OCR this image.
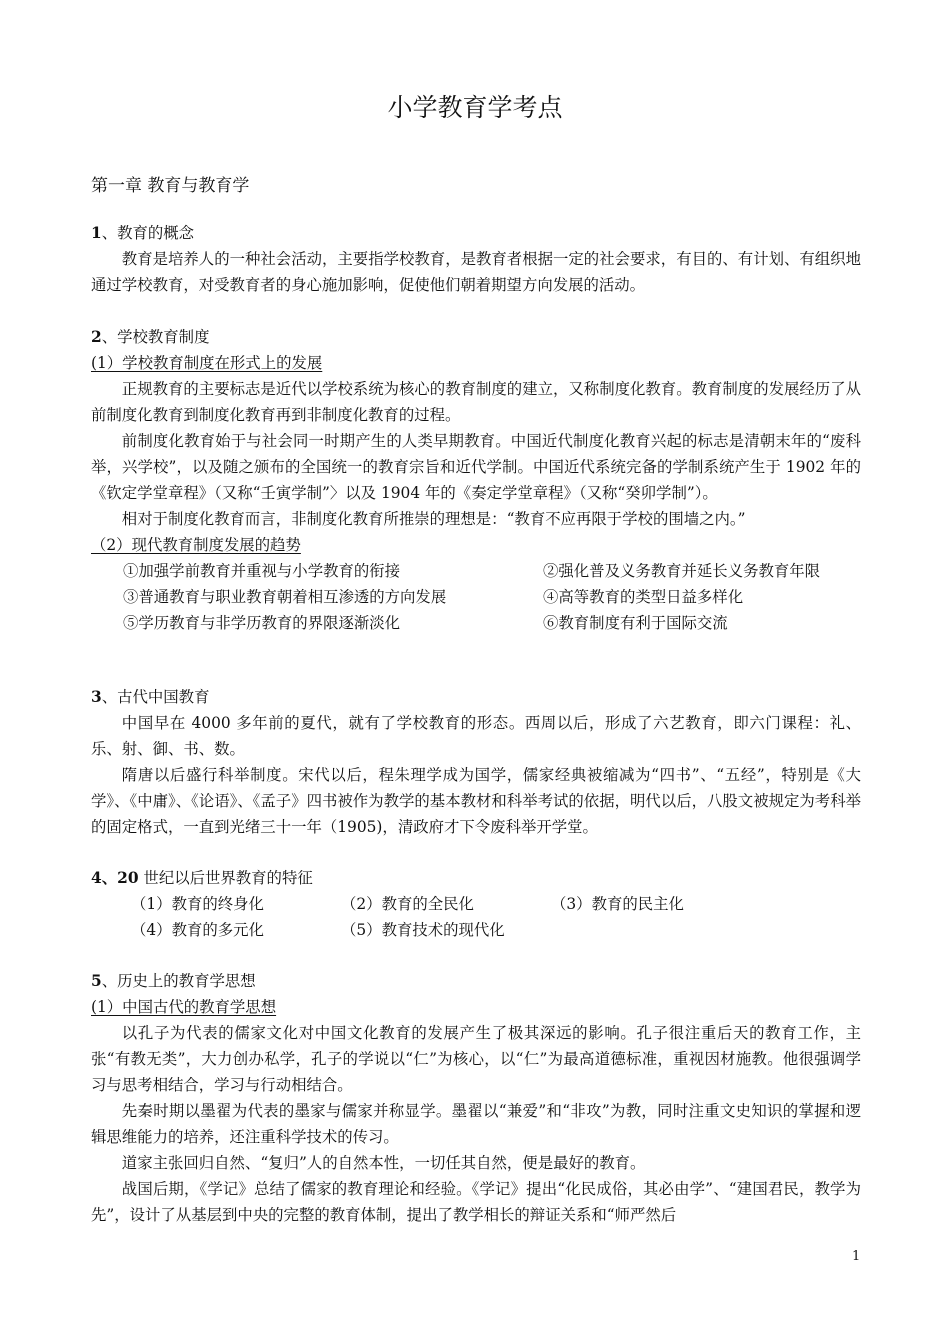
小学教育学考点
第一章 教育与教育学
1、教育的概念

教育是培养人的一种社会活动，主要指学校教育，是教育者根据一定的社会要求，有目的、有计划、有组织地通过学校教育，对受教育者的身心施加影响，促使他们朝着期望方向发展的活动。

2、学校教育制度
(1）学校教育制度在形式上的发展

正规教育的主要标志是近代以学校系统为核心的教育制度的建立，又称制度化教育。教育制度的发展经历了从前制度化教育到制度化教育再到非制度化教育的过程。

前制度化教育始于与社会同一时期产生的人类早期教育。中国近代制度化教育兴起的标志是清朝末年的“废科举，兴学校”，以及随之颁布的全国统一的教育宗旨和近代学制。中国近代系统完备的学制系统产生于 1902 年的《钦定学堂章程》（又称“壬寅学制”〉以及 1904 年的《奏定学堂章程》（又称“癸卯学制”）。

相对于制度化教育而言，非制度化教育所推崇的理想是：“教育不应再限于学校的围墙之内。”

（2）现代教育制度发展的趋势
①加强学前教育并重视与小学教育的衔接	②强化普及义务教育并延长义务教育年限
③普通教育与职业教育朝着相互渗透的方向发展	④高等教育的类型日益多样化
⑤学历教育与非学历教育的界限逐渐淡化	⑥教育制度有利于国际交流
3、古代中国教育

中国早在 4000 多年前的夏代，就有了学校教育的形态。西周以后，形成了六艺教育，即六门课程：礼、乐、射、御、书、数。

隋唐以后盛行科举制度。宋代以后，程朱理学成为国学，儒家经典被缩减为“四书”、“五经”，特别是《大学》、《中庸》、《论语》、《孟子》四书被作为教学的基本教材和科举考试的依据，明代以后，八股文被规定为考科举的固定格式，一直到光绪三十一年（1905)，清政府才下令废科举开学堂。

4、20 世纪以后世界教育的特征
（1）教育的终身化	（2）教育的全民化	（3）教育的民主化
（4）教育的多元化	（5）教育技术的现代化
5、历史上的教育学思想
(1）中国古代的教育学思想

以孔子为代表的儒家文化对中国文化教育的发展产生了极其深远的影响。孔子很注重后天的教育工作，主张“有教无类”，大力创办私学，孔子的学说以“仁”为核心，以“仁”为最高道德标准，重视因材施教。他很强调学习与思考相结合，学习与行动相结合。

先秦时期以墨翟为代表的墨家与儒家并称显学。墨翟以“兼爱”和“非攻”为教，同时注重文史知识的掌握和逻辑思维能力的培养，还注重科学技术的传习。

道家主张回归自然、“复归”人的自然本性，一切任其自然，便是最好的教育。

战国后期，《学记》总结了儒家的教育理论和经验。《学记》提出“化民成俗，其必由学”、“建国君民，教学为先”，设计了从基层到中央的完整的教育体制，提出了教学相长的辩证关系和“师严然后

1
